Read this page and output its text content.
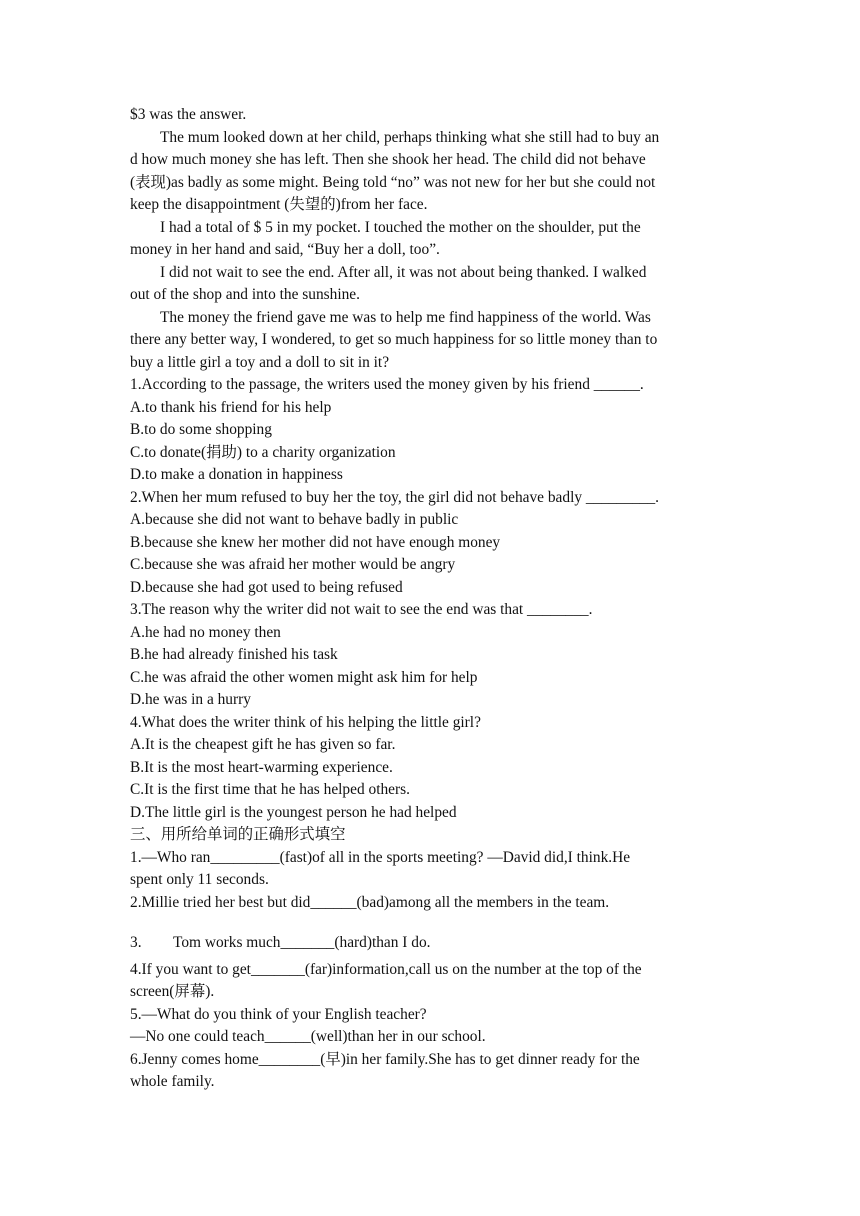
$3 was the answer.
The mum looked down at her child, perhaps thinking what she still had to buy an
d how much money she has left. Then she shook her head. The child did not behave
(表现)as badly as some might. Being told “no” was not new for her but she could not
keep the disappointment (失望的)from her face.
I had a total of $ 5 in my pocket. I touched the mother on the shoulder, put the
money in her hand and said, “Buy her a doll, too”.
I did not wait to see the end. After all, it was not about being thanked. I walked
out of the shop and into the sunshine.
The money the friend gave me was to help me find happiness of the world. Was
there any better way, I wondered, to get so much happiness for so little money than to
buy a little girl a toy and a doll to sit in it?
1.According to the passage, the writers used the money given by his friend ______.
A.to thank his friend for his help
B.to do some shopping
C.to donate(捐助) to a charity organization
D.to make a donation in happiness
2.When her mum refused to buy her the toy, the girl did not behave badly _________.
A.because she did not want to behave badly in public
B.because she knew her mother did not have enough money
C.because she was afraid her mother would be angry
D.because she had got used to being refused
3.The reason why the writer did not wait to see the end was that ________.
A.he had no money then
B.he had already finished his task
C.he was afraid the other women might ask him for help
D.he was in a hurry
4.What does the writer think of his helping the little girl?
A.It is the cheapest gift he has given so far.
B.It is the most heart-warming experience.
C.It is the first time that he has helped others.
D.The little girl is the youngest person he had helped
三、用所给单词的正确形式填空
1.—Who ran_________(fast)of all in the sports meeting? —David did,I think.He
spent only 11 seconds.
2.Millie tried her best but did______(bad)among all the members in the team.
3. Tom works much_______(hard)than I do.
4.If you want to get_______(far)information,call us on the number at the top of the
screen(屏幕).
5.—What do you think of your English teacher?
—No one could teach______(well)than her in our school.
6.Jenny comes home________(早)in her family.She has to get dinner ready for the
whole family.
